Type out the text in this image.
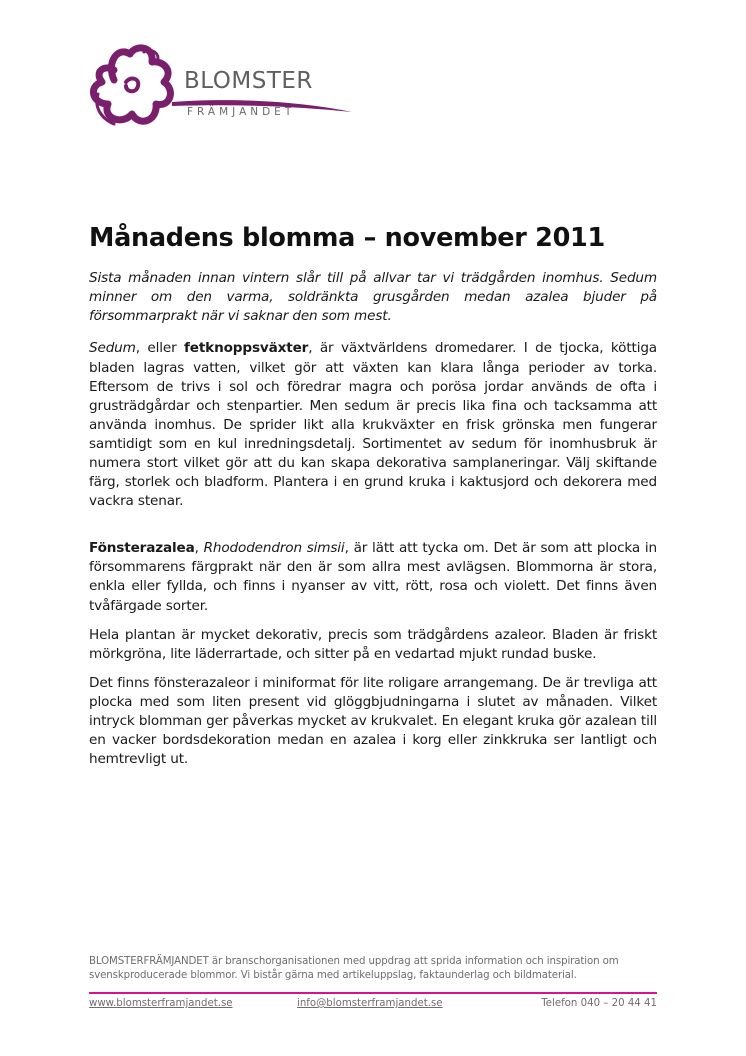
BLOMSTER
FRÄMJANDET
Månadens blomma – november 2011

Sista månaden innan vintern slår till på allvar tar vi trädgården inomhus. Sedum minner om den varma, soldränkta grusgården medan azalea bjuder på försommarprakt när vi saknar den som mest.

Sedum, eller fetknoppsväxter, är växtvärldens dromedarer. I de tjocka, köttiga bladen lagras vatten, vilket gör att växten kan klara långa perioder av torka. Eftersom de trivs i sol och föredrar magra och porösa jordar används de ofta i grusträdgårdar och stenpartier. Men sedum är precis lika fina och tacksamma att använda inomhus. De sprider likt alla krukväxter en frisk grönska men fungerar samtidigt som en kul inredningsdetalj. Sortimentet av sedum för inomhusbruk är numera stort vilket gör att du kan skapa dekorativa samplaneringar. Välj skiftande färg, storlek och bladform. Plantera i en grund kruka i kaktusjord och dekorera med vackra stenar.

Fönsterazalea, Rhododendron simsii, är lätt att tycka om. Det är som att plocka in försommarens färgprakt när den är som allra mest avlägsen. Blommorna är stora, enkla eller fyllda, och finns i nyanser av vitt, rött, rosa och violett. Det finns även tvåfärgade sorter.

Hela plantan är mycket dekorativ, precis som trädgårdens azaleor. Bladen är friskt mörkgröna, lite läderrartade, och sitter på en vedartad mjukt rundad buske.

Det finns fönsterazaleor i miniformat för lite roligare arrangemang. De är trevliga att plocka med som liten present vid glöggbjudningarna i slutet av månaden. Vilket intryck blomman ger påverkas mycket av krukvalet. En elegant kruka gör azalean till en vacker bordsdekoration medan en azalea i korg eller zinkkruka ser lantligt och hemtrevligt ut.

BLOMSTERFRÄMJANDET är branschorganisationen med uppdrag att sprida information och inspiration om svenskproducerade blommor. Vi bistår gärna med artikeluppslag, faktaunderlag och bildmaterial.

www.blomsterframjandet.se	info@blomsterframjandet.se	Telefon 040 – 20 44 41
